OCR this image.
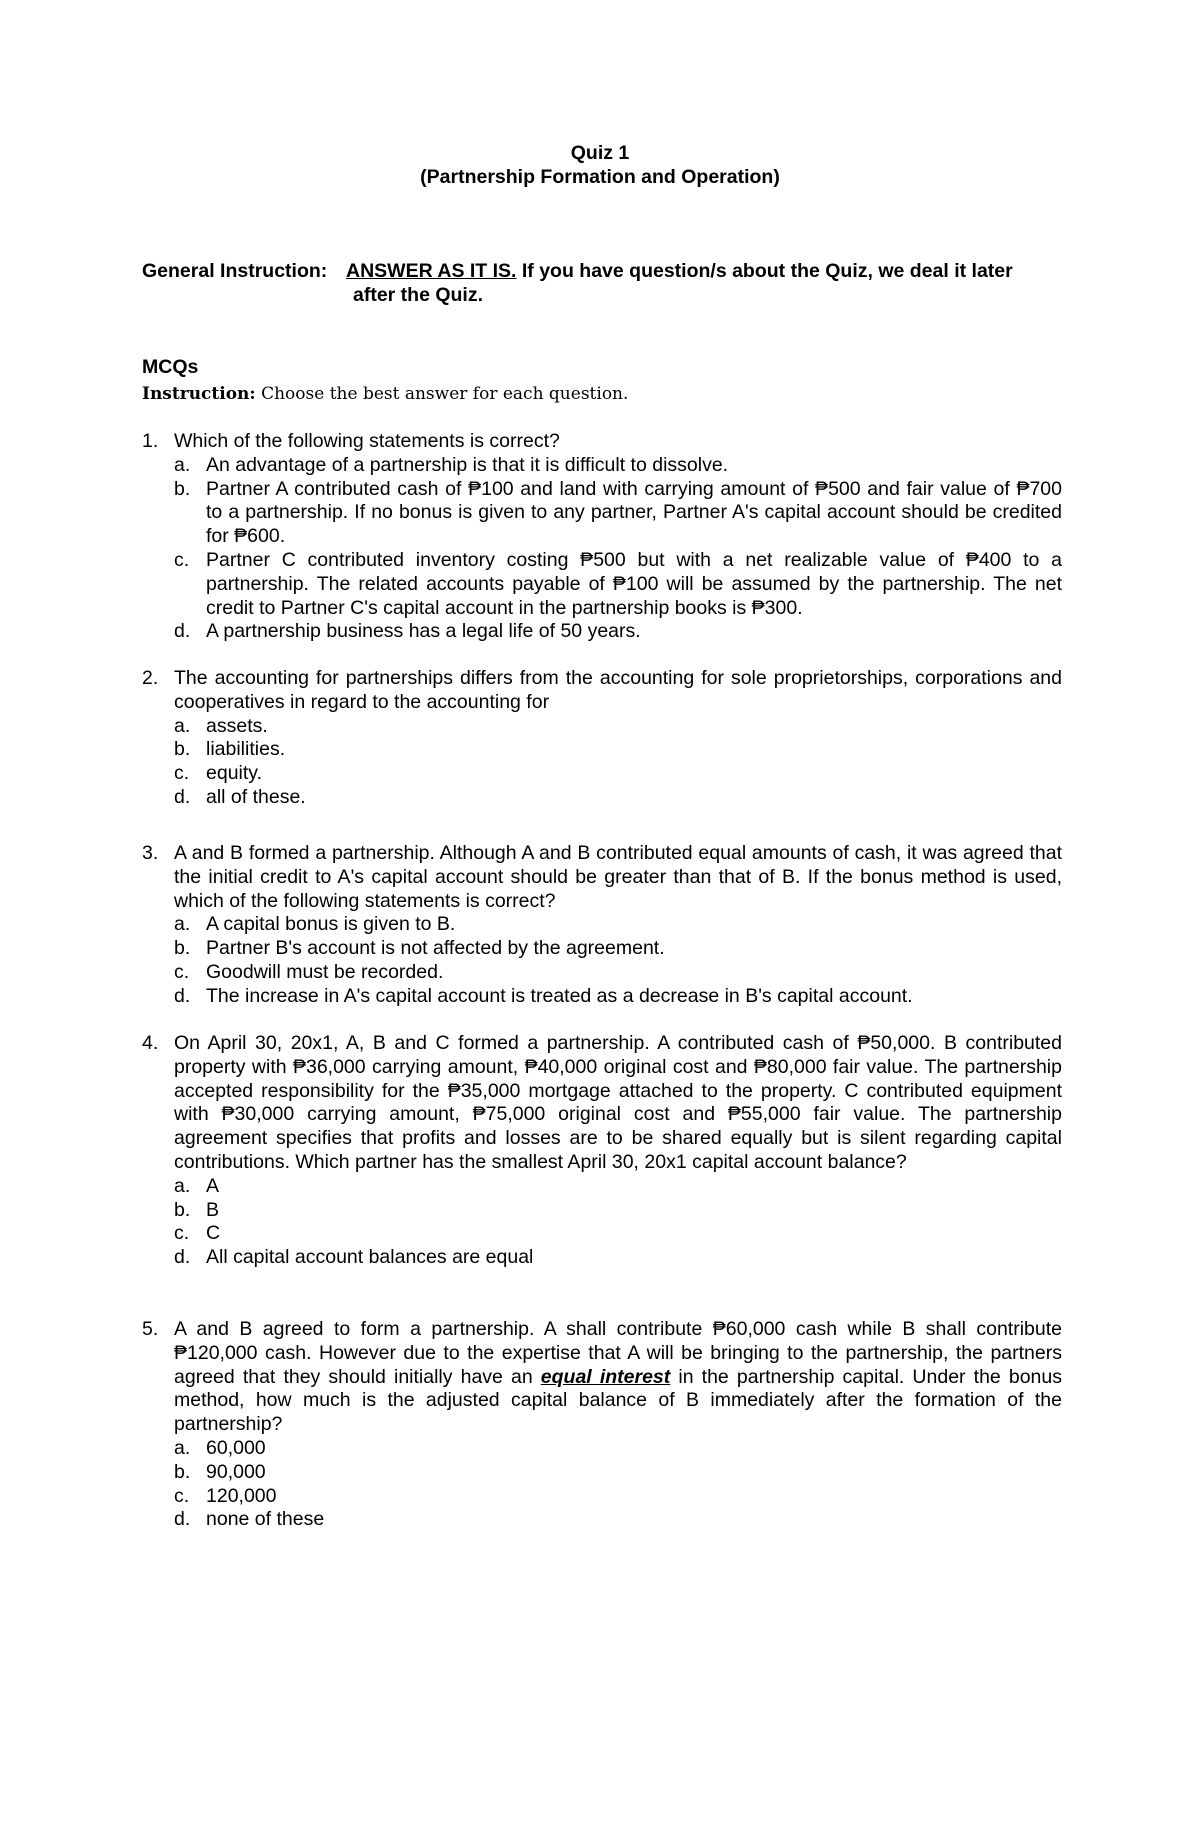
Quiz 1
(Partnership Formation and Operation)
General Instruction: ANSWER AS IT IS. If you have question/s about the Quiz, we deal it later
after the Quiz.
MCQs
Instruction: Choose the best answer for each question.
1. Which of the following statements is correct?
a. An advantage of a partnership is that it is difficult to dissolve.
b. Partner A contributed cash of ₱100 and land with carrying amount of ₱500 and fair value of ₱700 to a partnership. If no bonus is given to any partner, Partner A's capital account should be credited for ₱600.
c. Partner C contributed inventory costing ₱500 but with a net realizable value of ₱400 to a partnership. The related accounts payable of ₱100 will be assumed by the partnership. The net credit to Partner C's capital account in the partnership books is ₱300.
d. A partnership business has a legal life of 50 years.
2. The accounting for partnerships differs from the accounting for sole proprietorships, corporations and cooperatives in regard to the accounting for
a. assets.
b. liabilities.
c. equity.
d. all of these.
3. A and B formed a partnership. Although A and B contributed equal amounts of cash, it was agreed that the initial credit to A's capital account should be greater than that of B. If the bonus method is used, which of the following statements is correct?
a. A capital bonus is given to B.
b. Partner B's account is not affected by the agreement.
c. Goodwill must be recorded.
d. The increase in A's capital account is treated as a decrease in B's capital account.
4. On April 30, 20x1, A, B and C formed a partnership. A contributed cash of ₱50,000. B contributed property with ₱36,000 carrying amount, ₱40,000 original cost and ₱80,000 fair value. The partnership accepted responsibility for the ₱35,000 mortgage attached to the property. C contributed equipment with ₱30,000 carrying amount, ₱75,000 original cost and ₱55,000 fair value. The partnership agreement specifies that profits and losses are to be shared equally but is silent regarding capital contributions. Which partner has the smallest April 30, 20x1 capital account balance?
a. A
b. B
c. C
d. All capital account balances are equal
5. A and B agreed to form a partnership. A shall contribute ₱60,000 cash while B shall contribute ₱120,000 cash. However due to the expertise that A will be bringing to the partnership, the partners agreed that they should initially have an equal interest in the partnership capital. Under the bonus method, how much is the adjusted capital balance of B immediately after the formation of the partnership?
a. 60,000
b. 90,000
c. 120,000
d. none of these
